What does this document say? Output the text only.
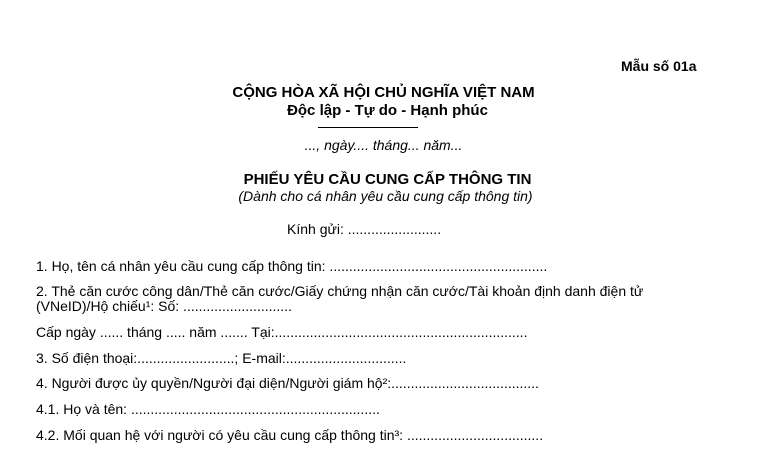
Mẫu số 01a
CỘNG HÒA XÃ HỘI CHỦ NGHĨA VIỆT NAM
Độc lập - Tự do - Hạnh phúc
..., ngày.... tháng... năm...
PHIẾU YÊU CẦU CUNG CẤP THÔNG TIN
(Dành cho cá nhân yêu cầu cung cấp thông tin)
Kính gửi: ........................
1. Họ, tên cá nhân yêu cầu cung cấp thông tin: ........................................................
2. Thẻ căn cước công dân/Thẻ căn cước/Giấy chứng nhận căn cước/Tài khoản định danh điện tử
(VNeID)/Hộ chiếu¹: Số: ............................
Cấp ngày ...... tháng ..... năm ....... Tại:.................................................................
3. Số điện thoại:.........................; E-mail:...............................
4. Người được ủy quyền/Người đại diện/Người giám hộ²:......................................
4.1. Họ và tên: ................................................................
4.2. Mối quan hệ với người có yêu cầu cung cấp thông tin³: ...................................
